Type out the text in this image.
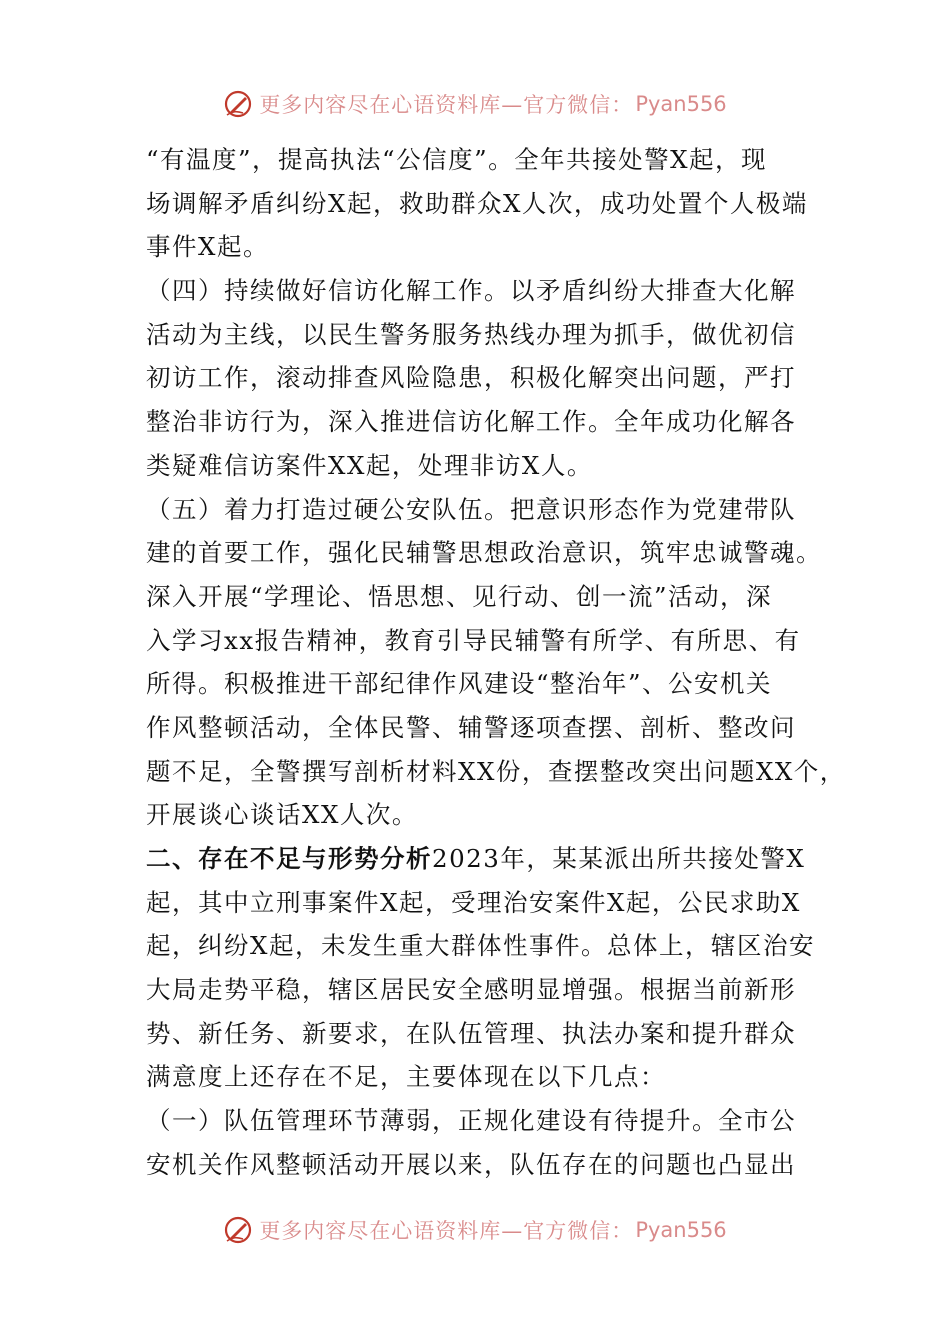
更多内容尽在心语资料库—官方微信： Pyan556
“有温度”，提高执法“公信度”。全年共接处警X起，现
场调解矛盾纠纷X起，救助群众X人次，成功处置个人极端
事件X起。
（四）持续做好信访化解工作。以矛盾纠纷大排查大化解
活动为主线，以民生警务服务热线办理为抓手，做优初信
初访工作，滚动排查风险隐患，积极化解突出问题，严打
整治非访行为，深入推进信访化解工作。全年成功化解各
类疑难信访案件XX起，处理非访X人。
（五）着力打造过硬公安队伍。把意识形态作为党建带队
建的首要工作，强化民辅警思想政治意识，筑牢忠诚警魂。
深入开展“学理论、悟思想、见行动、创一流”活动，深
入学习xx报告精神，教育引导民辅警有所学、有所思、有
所得。积极推进干部纪律作风建设“整治年”、公安机关
作风整顿活动，全体民警、辅警逐项查摆、剖析、整改问
题不足，全警撰写剖析材料XX份，查摆整改突出问题XX个，
开展谈心谈话XX人次。
二、存在不足与形势分析2023年，某某派出所共接处警X
起，其中立刑事案件X起，受理治安案件X起，公民求助X
起，纠纷X起，未发生重大群体性事件。总体上，辖区治安
大局走势平稳，辖区居民安全感明显增强。根据当前新形
势、新任务、新要求，在队伍管理、执法办案和提升群众
满意度上还存在不足，主要体现在以下几点：
（一）队伍管理环节薄弱，正规化建设有待提升。全市公
安机关作风整顿活动开展以来，队伍存在的问题也凸显出
更多内容尽在心语资料库—官方微信： Pyan556
